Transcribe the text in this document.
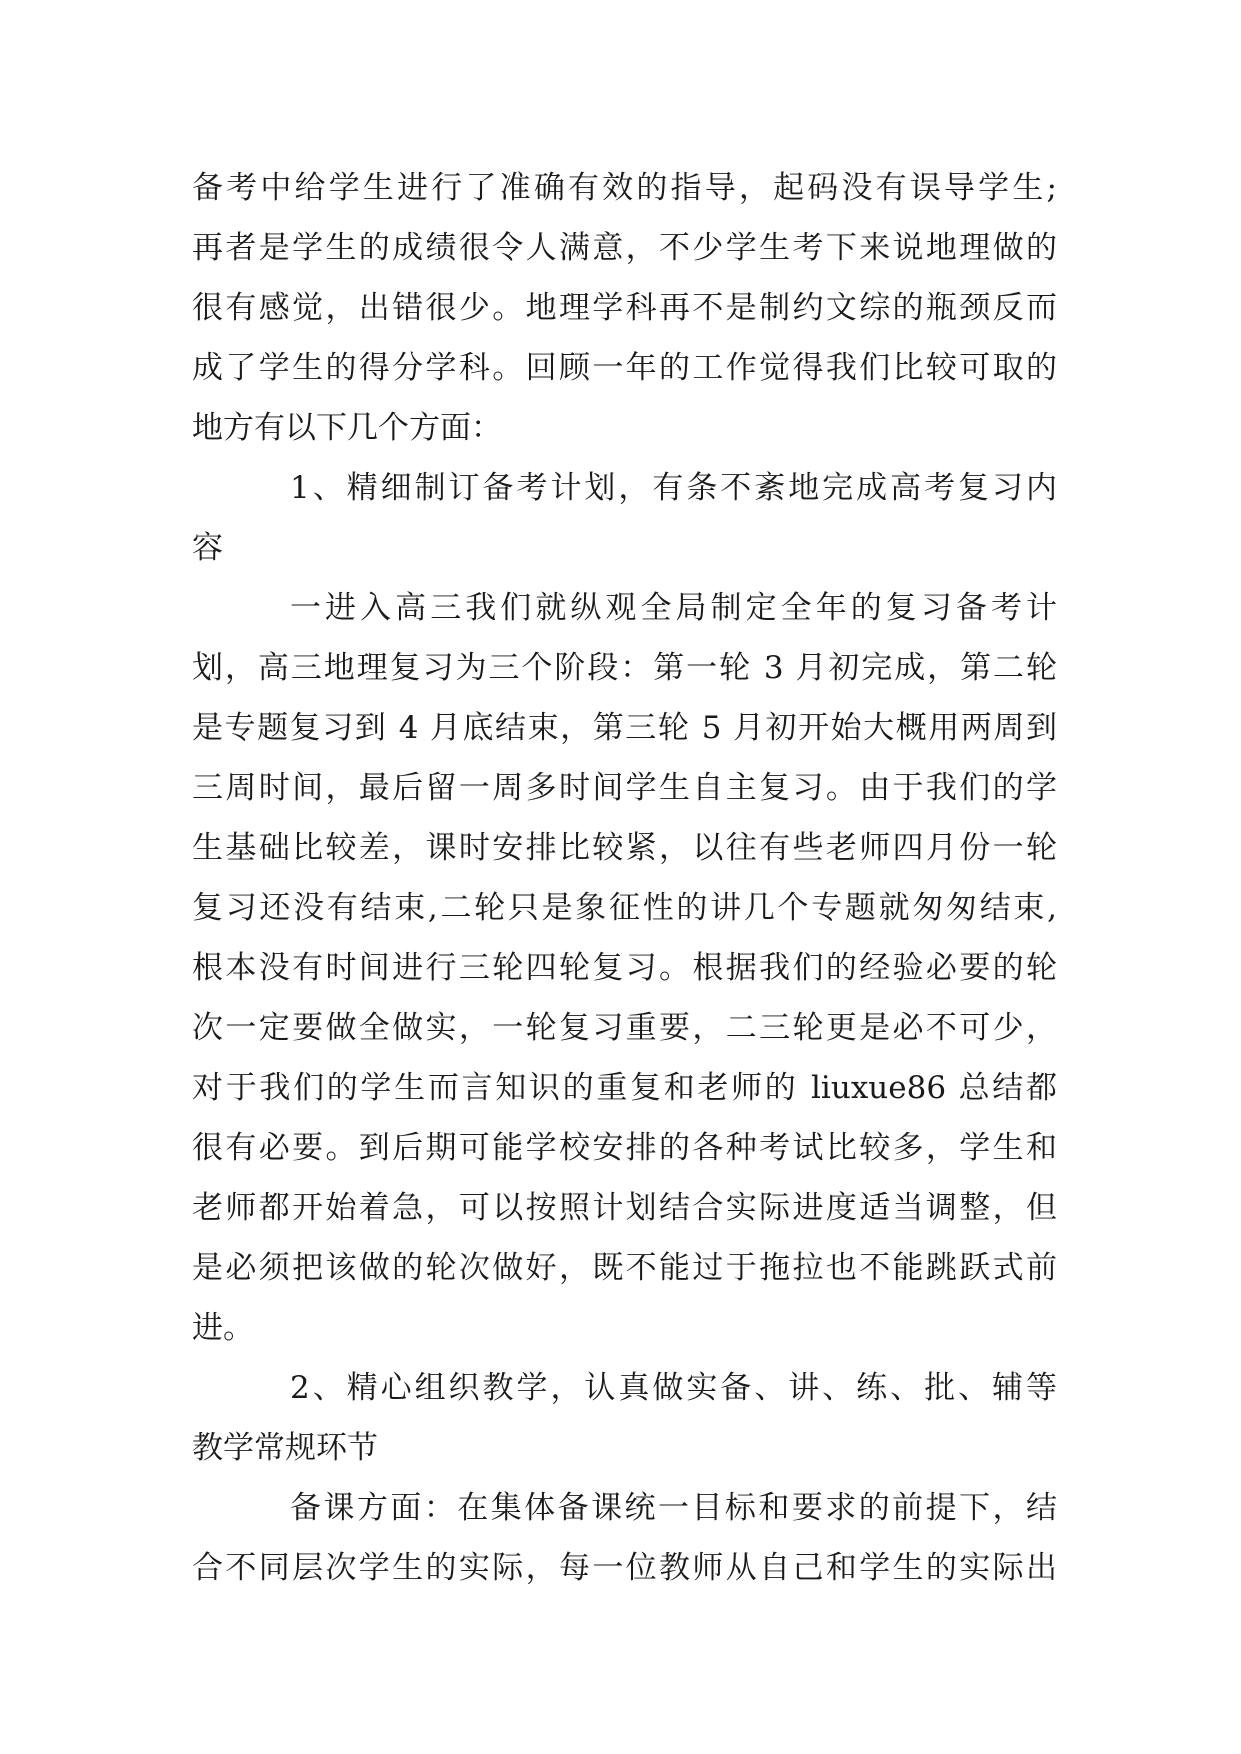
备考中给学生进行了准确有效的指导，起码没有误导学生;
再者是学生的成绩很令人满意，不少学生考下来说地理做的
很有感觉，出错很少。地理学科再不是制约文综的瓶颈反而
成了学生的得分学科。回顾一年的工作觉得我们比较可取的
地方有以下几个方面：
1、精细制订备考计划，有条不紊地完成高考复习内
容
一进入高三我们就纵观全局制定全年的复习备考计
划，高三地理复习为三个阶段：第一轮 3 月初完成，第二轮
是专题复习到 4 月底结束，第三轮 5 月初开始大概用两周到
三周时间，最后留一周多时间学生自主复习。由于我们的学
生基础比较差，课时安排比较紧，以往有些老师四月份一轮
复习还没有结束,二轮只是象征性的讲几个专题就匆匆结束,
根本没有时间进行三轮四轮复习。根据我们的经验必要的轮
次一定要做全做实，一轮复习重要，二三轮更是必不可少，
对于我们的学生而言知识的重复和老师的 liuxue86 总结都
很有必要。到后期可能学校安排的各种考试比较多，学生和
老师都开始着急，可以按照计划结合实际进度适当调整，但
是必须把该做的轮次做好，既不能过于拖拉也不能跳跃式前
进。
2、精心组织教学，认真做实备、讲、练、批、辅等
教学常规环节
备课方面：在集体备课统一目标和要求的前提下，结
合不同层次学生的实际，每一位教师从自己和学生的实际出
